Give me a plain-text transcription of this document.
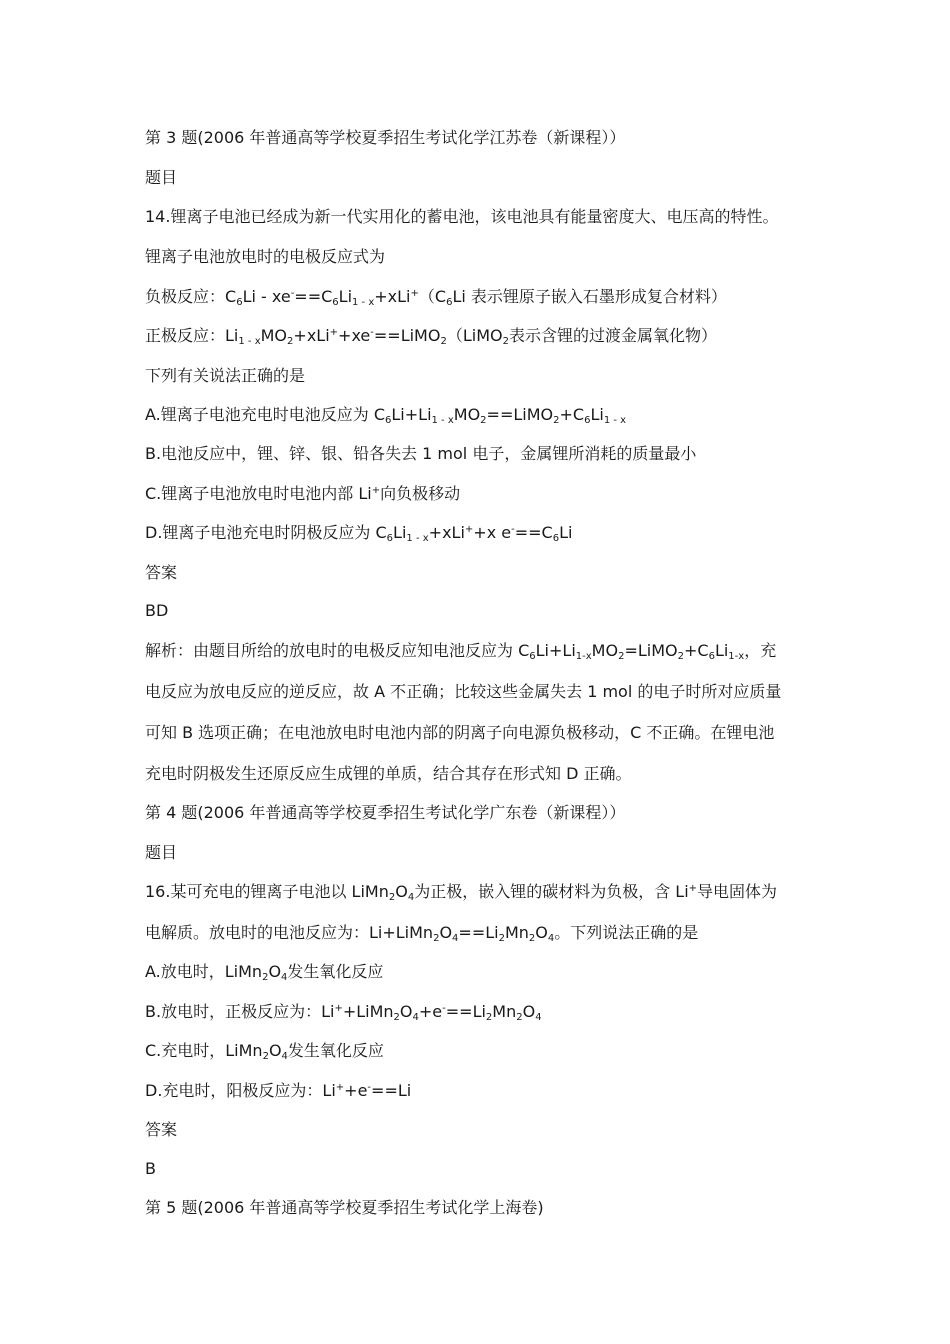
第 3 题(2006 年普通高等学校夏季招生考试化学江苏卷（新课程））
题目
14.锂离子电池已经成为新一代实用化的蓄电池，该电池具有能量密度大、电压高的特性。
锂离子电池放电时的电极反应式为
负极反应：$C_6Li - xe^-==C_6Li_{1 - x}+xLi^+(C_6Li$ 表示锂原子嵌入石墨形成复合材料）
正极反应：$Li_{1 - x}MO_2+xLi^++xe^-==LiMO_2(LiMO_2$表示含锂的过渡金属氧化物）
下列有关说法正确的是
A.锂离子电池充电时电池反应为 $C_6Li+Li_{1 - x}MO_2==LiMO_2+C_6Li_{1 - x}$
B.电池反应中，锂、锌、银、铅各失去 1 mol 电子，金属锂所消耗的质量最小
C.锂离子电池放电时电池内部 Li+向负极移动
D.锂离子电池充电时阴极反应为 $C_6Li_{1 - x}+xLi^++x$ $e^-==C_6Li$
答案
BD
解析：由题目所给的放电时的电极反应知电池反应为 $C_6Li+Li_{1-x}MO_2=LiMO_2+C_6Li_{1-x}$，充
电反应为放电反应的逆反应，故 A 不正确；比较这些金属失去 1 mol 的电子时所对应质量
可知 B 选项正确；在电池放电时电池内部的阴离子向电源负极移动，C 不正确。在锂电池
充电时阴极发生还原反应生成锂的单质，结合其存在形式知 D 正确。
第 4 题(2006 年普通高等学校夏季招生考试化学广东卷（新课程））
题目
16.某可充电的锂离子电池以 $LiMn_2O_4$为正极，嵌入锂的碳材料为负极，含 Li+导电固体为
电解质。放电时的电池反应为：$Li+LiMn_2O_4==Li_2Mn_2O_4$。下列说法正确的是
A.放电时，$LiMn_2O_4$发生氧化反应
B.放电时，正极反应为：$Li^++LiMn_2O_4+e^-==Li_2Mn_2O_4$
C.充电时，$LiMn_2O_4$发生氧化反应
D.充电时，阳极反应为：Li++e-==Li
答案
B
第 5 题(2006 年普通高等学校夏季招生考试化学上海卷)
